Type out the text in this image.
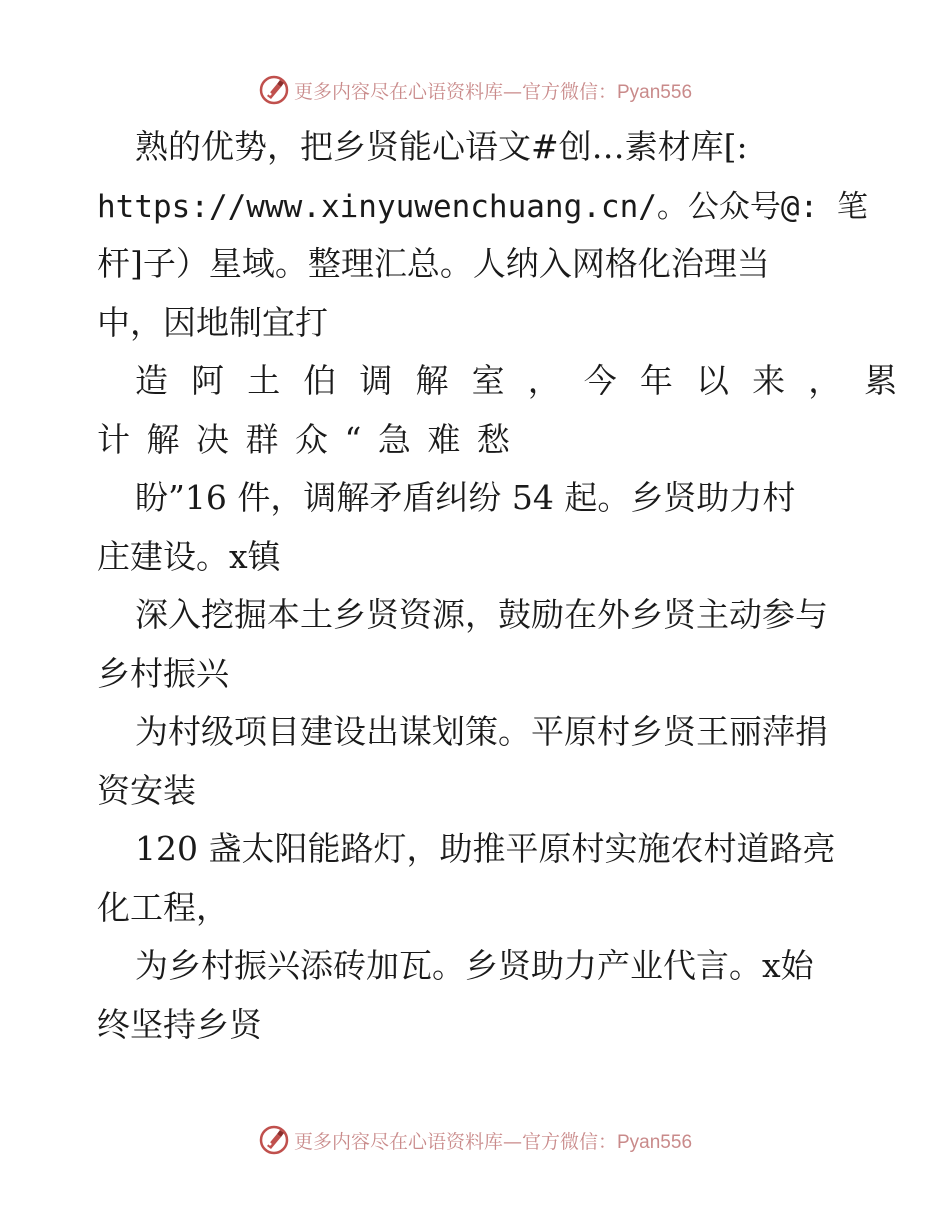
更多内容尽在心语资料库—官方微信：Pyan556
熟的优势，把乡贤能心语文#创…素材库[:
https://www.xinyuwenchuang.cn/。公众号@: 笔
杆]子）星域。整理汇总。人纳入网格化治理当
中，因地制宜打
造阿土伯调解室，今年以来，累
计解决群众“急难愁
盼”16 件，调解矛盾纠纷 54 起。乡贤助力村
庄建设。x镇
深入挖掘本土乡贤资源，鼓励在外乡贤主动参与
乡村振兴
为村级项目建设出谋划策。平原村乡贤王丽萍捐
资安装
120 盏太阳能路灯，助推平原村实施农村道路亮
化工程，
为乡村振兴添砖加瓦。乡贤助力产业代言。x始
终坚持乡贤
更多内容尽在心语资料库—官方微信：Pyan556
